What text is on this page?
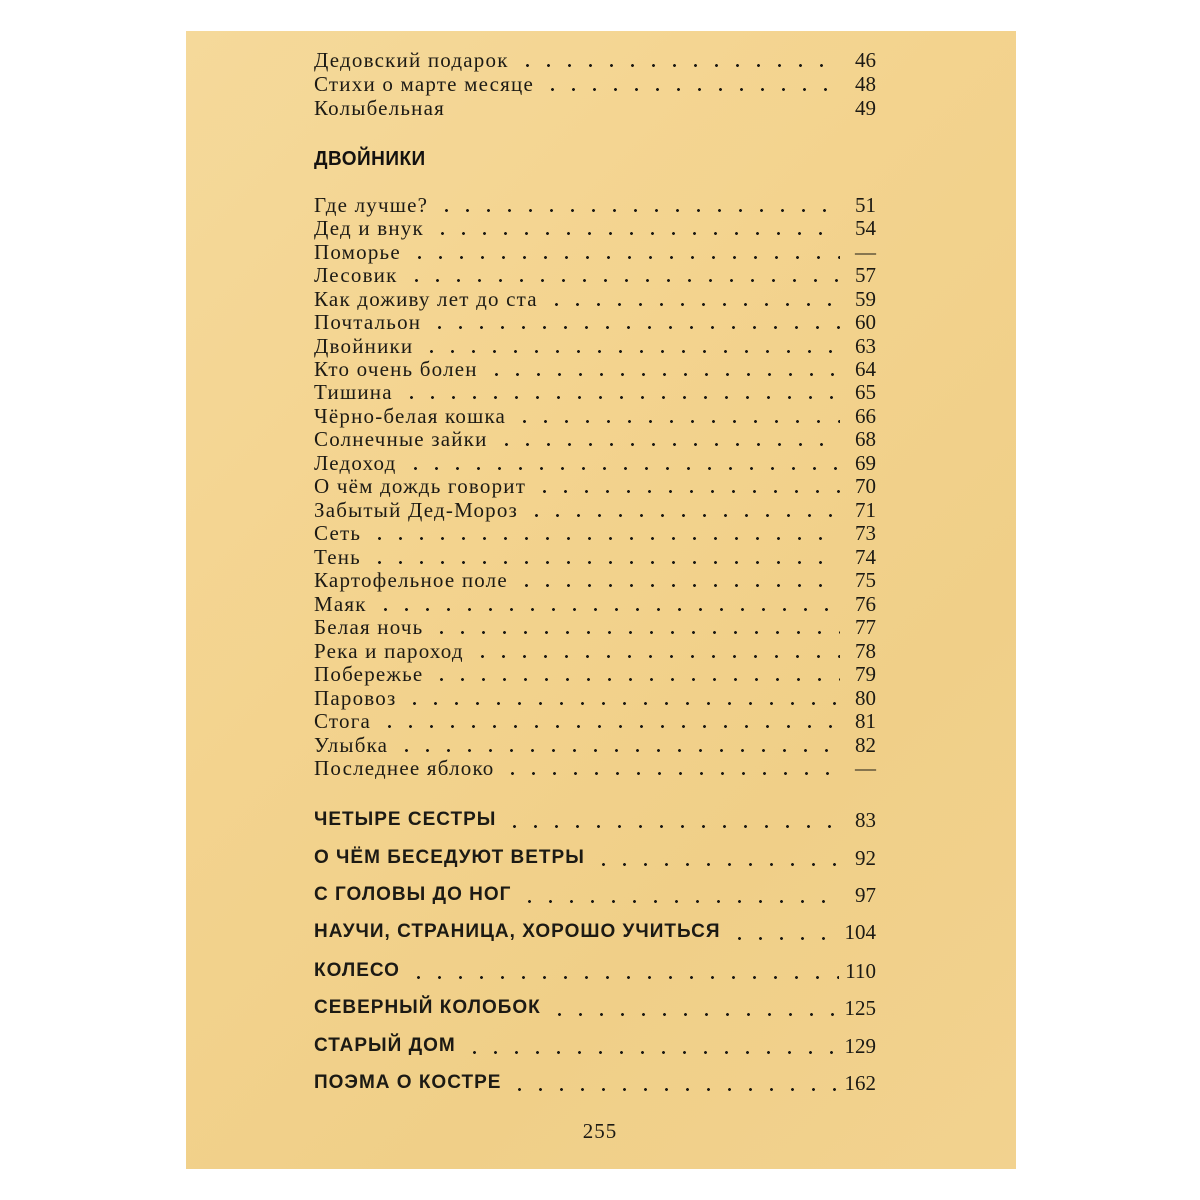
Дедовский подарок	46
Стихи о марте месяце	48
Колыбельная	49
ДВОЙНИКИ
Где лучше?	51
Дед и внук	54
Поморье	—
Лесовик	57
Как доживу лет до ста	59
Почтальон	60
Двойники	63
Кто очень болен	64
Тишина	65
Чёрно-белая кошка	66
Солнечные зайки	68
Ледоход	69
О чём дождь говорит	70
Забытый Дед-Мороз	71
Сеть	73
Тень	74
Картофельное поле	75
Маяк	76
Белая ночь	77
Река и пароход	78
Побережье	79
Паровоз	80
Стога	81
Улыбка	82
Последнее яблоко	—
ЧЕТЫРЕ СЕСТРЫ	83
О ЧЁМ БЕСЕДУЮТ ВЕТРЫ	92
С ГОЛОВЫ ДО НОГ	97
НАУЧИ, СТРАНИЦА, ХОРОШО УЧИТЬСЯ	104
КОЛЕСО	110
СЕВЕРНЫЙ КОЛОБОК	125
СТАРЫЙ ДОМ	129
ПОЭМА О КОСТРЕ	162
255
